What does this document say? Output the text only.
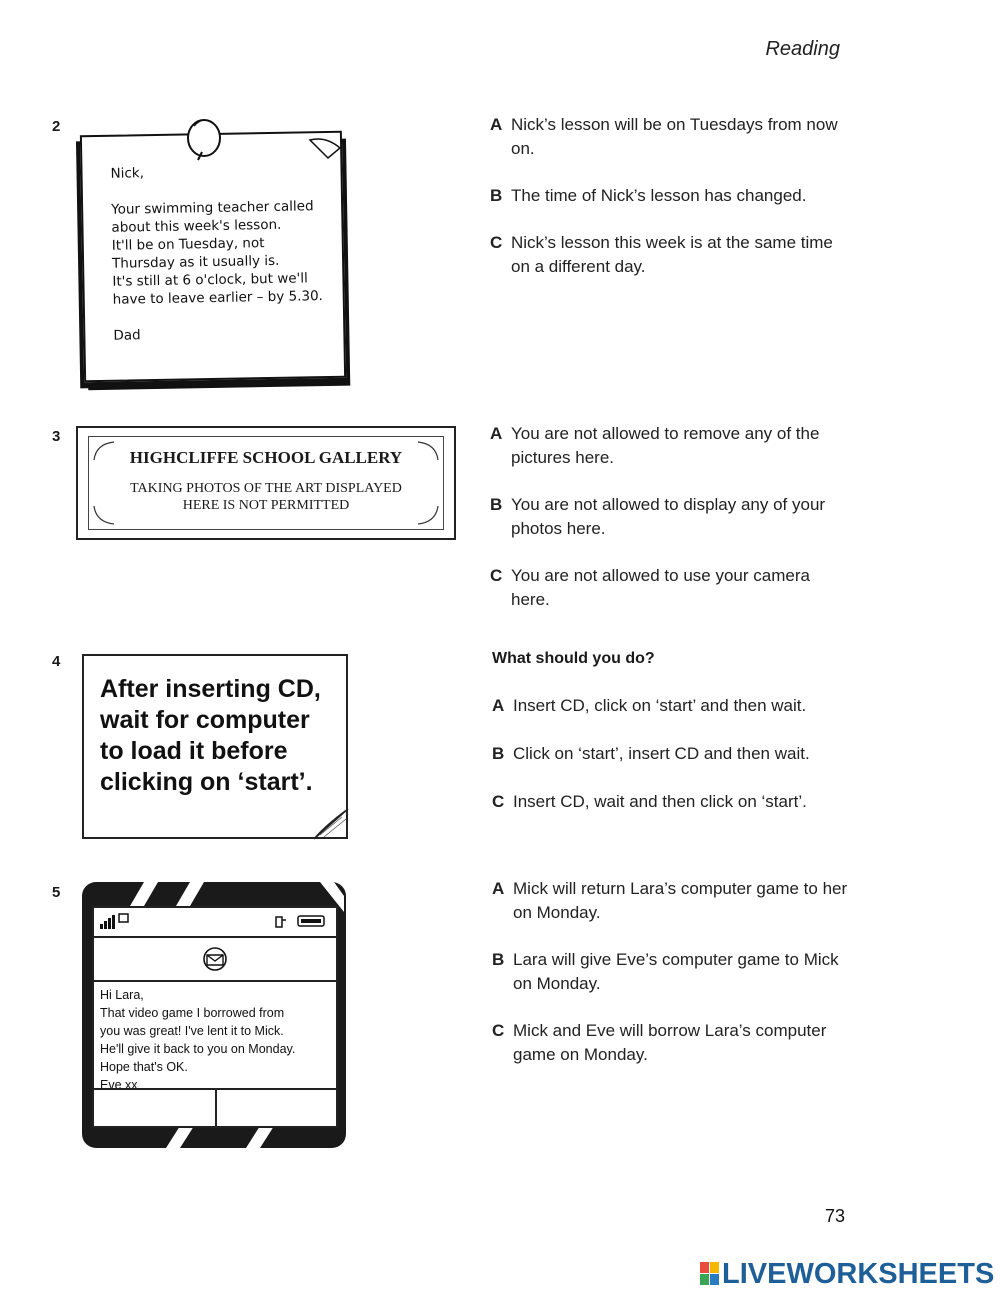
Reading
2
Nick,
Your swimming teacher called
about this week's lesson.
It'll be on Tuesday, not
Thursday as it usually is.
It's still at 6 o'clock, but we'll
have to leave earlier – by 5.30.
Dad
A Nick’s lesson will be on Tuesdays from now on.
B The time of Nick’s lesson has changed.
C Nick’s lesson this week is at the same time on a different day.
3
HIGHCLIFFE SCHOOL GALLERY
TAKING PHOTOS OF THE ART DISPLAYED
HERE IS NOT PERMITTED
A You are not allowed to remove any of the pictures here.
B You are not allowed to display any of your photos here.
C You are not allowed to use your camera here.
4
After inserting CD,
wait for computer
to load it before
clicking on ‘start’.
What should you do?
A Insert CD, click on ‘start’ and then wait.
B Click on ‘start’, insert CD and then wait.
C Insert CD, wait and then click on ‘start’.
5
Hi Lara,
That video game I borrowed from
you was great! I've lent it to Mick.
He'll give it back to you on Monday.
Hope that's OK.
Eve xx
A Mick will return Lara’s computer game to her on Monday.
B Lara will give Eve’s computer game to Mick on Monday.
C Mick and Eve will borrow Lara’s computer game on Monday.
73
LIVEWORKSHEETS
